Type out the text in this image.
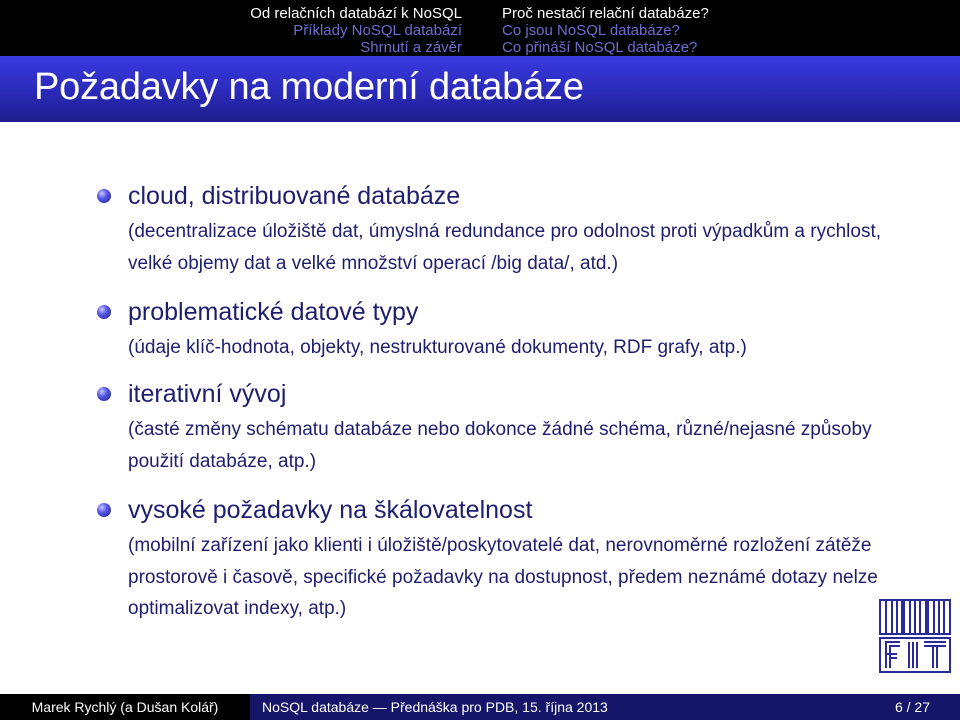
Od relačních databází k NoSQL
Příklady NoSQL databází
Shrnutí a závěr
Proč nestačí relační databáze?
Co jsou NoSQL databáze?
Co přináší NoSQL databáze?
Požadavky na moderní databáze

cloud, distribuované databáze

(decentralizace úložiště dat, úmyslná redundance pro odolnost proti výpadkům a rychlost, velké objemy dat a velké množství operací /big data/, atd.)

problematické datové typy

(údaje klíč-hodnota, objekty, nestrukturované dokumenty, RDF grafy, atp.)

iterativní vývoj

(časté změny schématu databáze nebo dokonce žádné schéma, různé/nejasné způsoby použití databáze, atp.)

vysoké požadavky na škálovatelnost

(mobilní zařízení jako klienti i úložiště/poskytovatelé dat, nerovnoměrné rozložení zátěže prostorově i časově, specifické požadavky na dostupnost, předem neznámé dotazy nelze optimalizovat indexy, atp.)

Marek Rychlý (a Dušan Kolář)	NoSQL databáze — Přednáška pro PDB, 15. října 2013	6 / 27
